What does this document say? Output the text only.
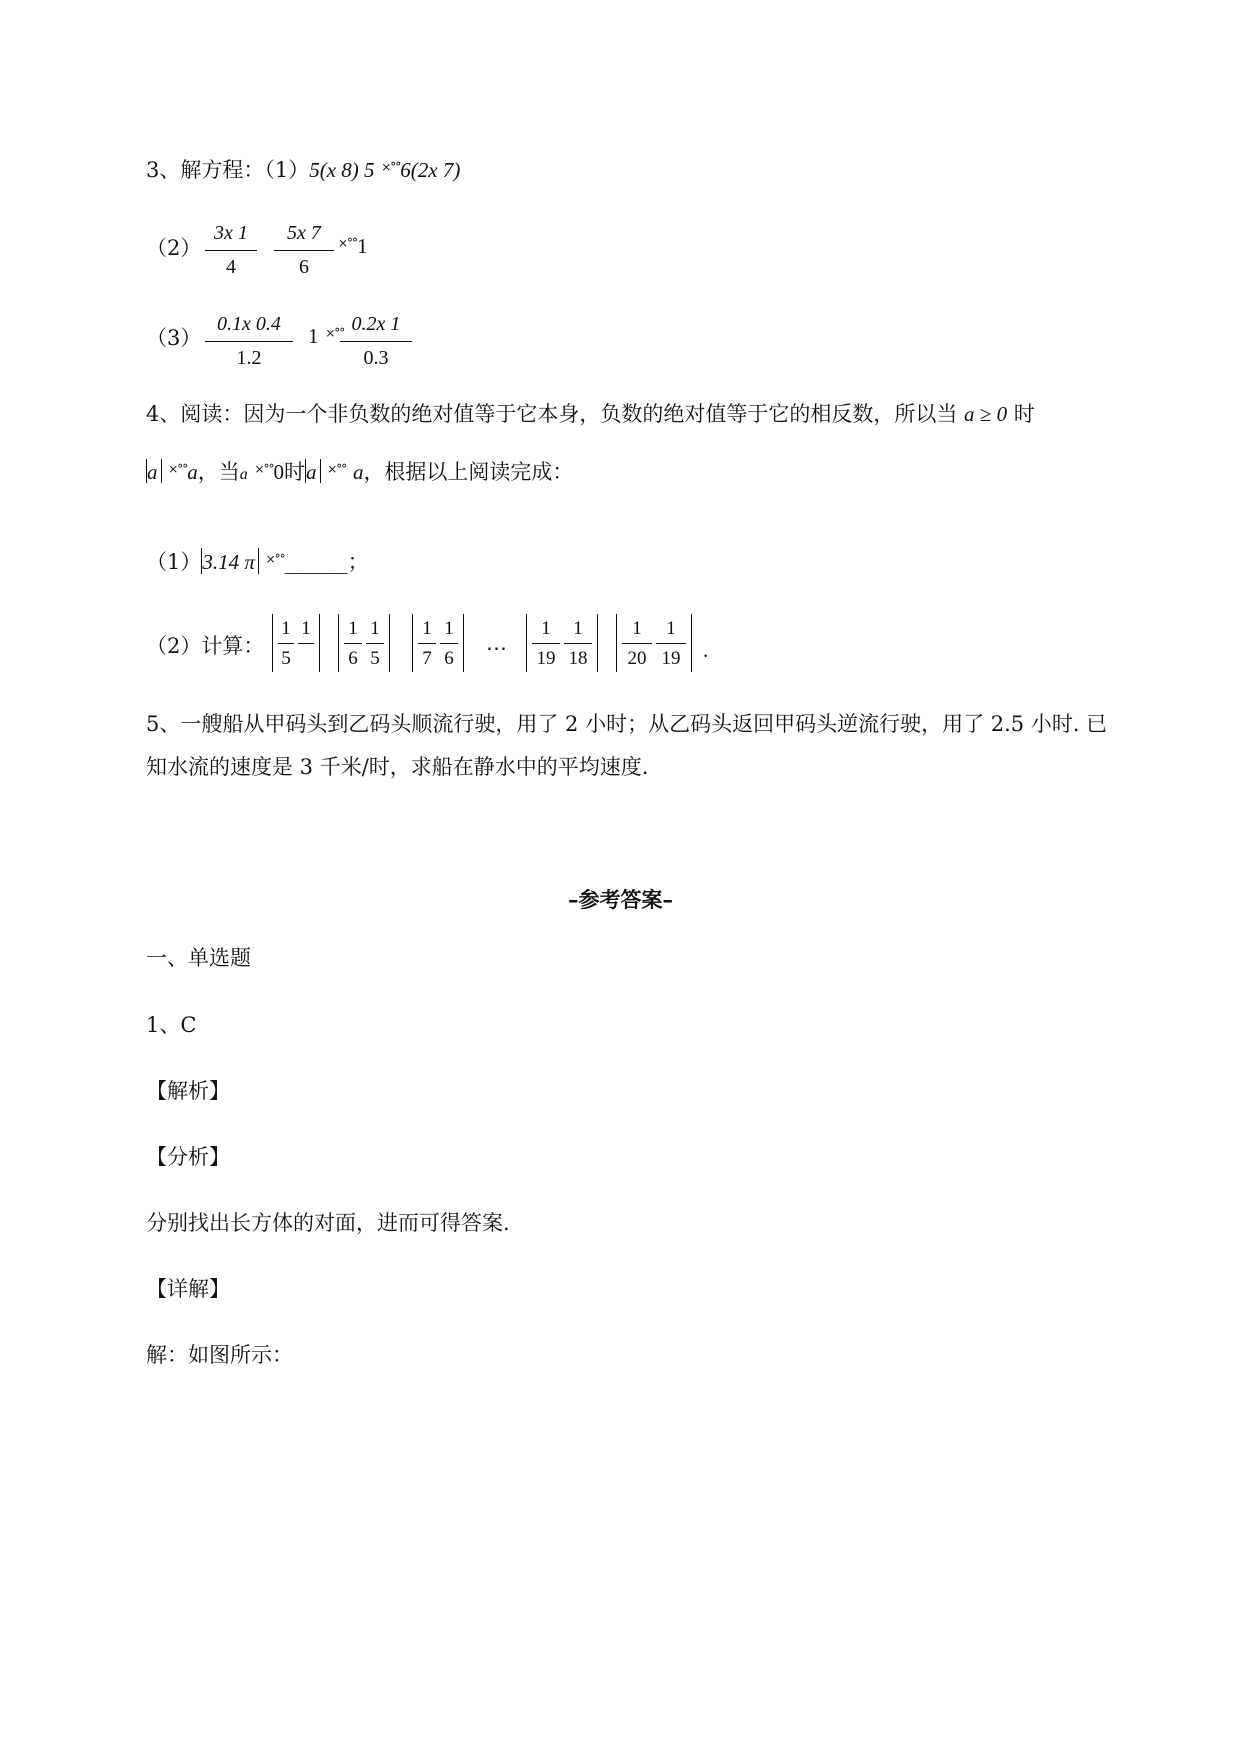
3、解方程：（1）5(x 8) 5 ×°°6(2x 7)
（2）
3x 1
4
5x 7
6
×°°1
（3）
0.1x 0.4
1.2
1 ×°° 0.2x 1
0.3
4、阅读：因为一个非负数的绝对值等于它本身，负数的绝对值等于它的相反数，所以当 a ≥ 0 时
a ×°°a，当a ×°°0时a ×°° a，根据以上阅读完成：
（1）3.14 π ×°°______；
（2）计算：
1
5
1 1
6
1
5
1
7
1
6
1
19
1
18
1
20
1
19
⋯	.
5、一艘船从甲码头到乙码头顺流行驶，用了 2 小时；从乙码头返回甲码头逆流行驶，用了 2.5 小时. 已
知水流的速度是 3 千米/时，求船在静水中的平均速度.
–参考答案–
一、单选题
1、C
【解析】
【分析】
分别找出长方体的对面，进而可得答案.
【详解】
解：如图所示：
